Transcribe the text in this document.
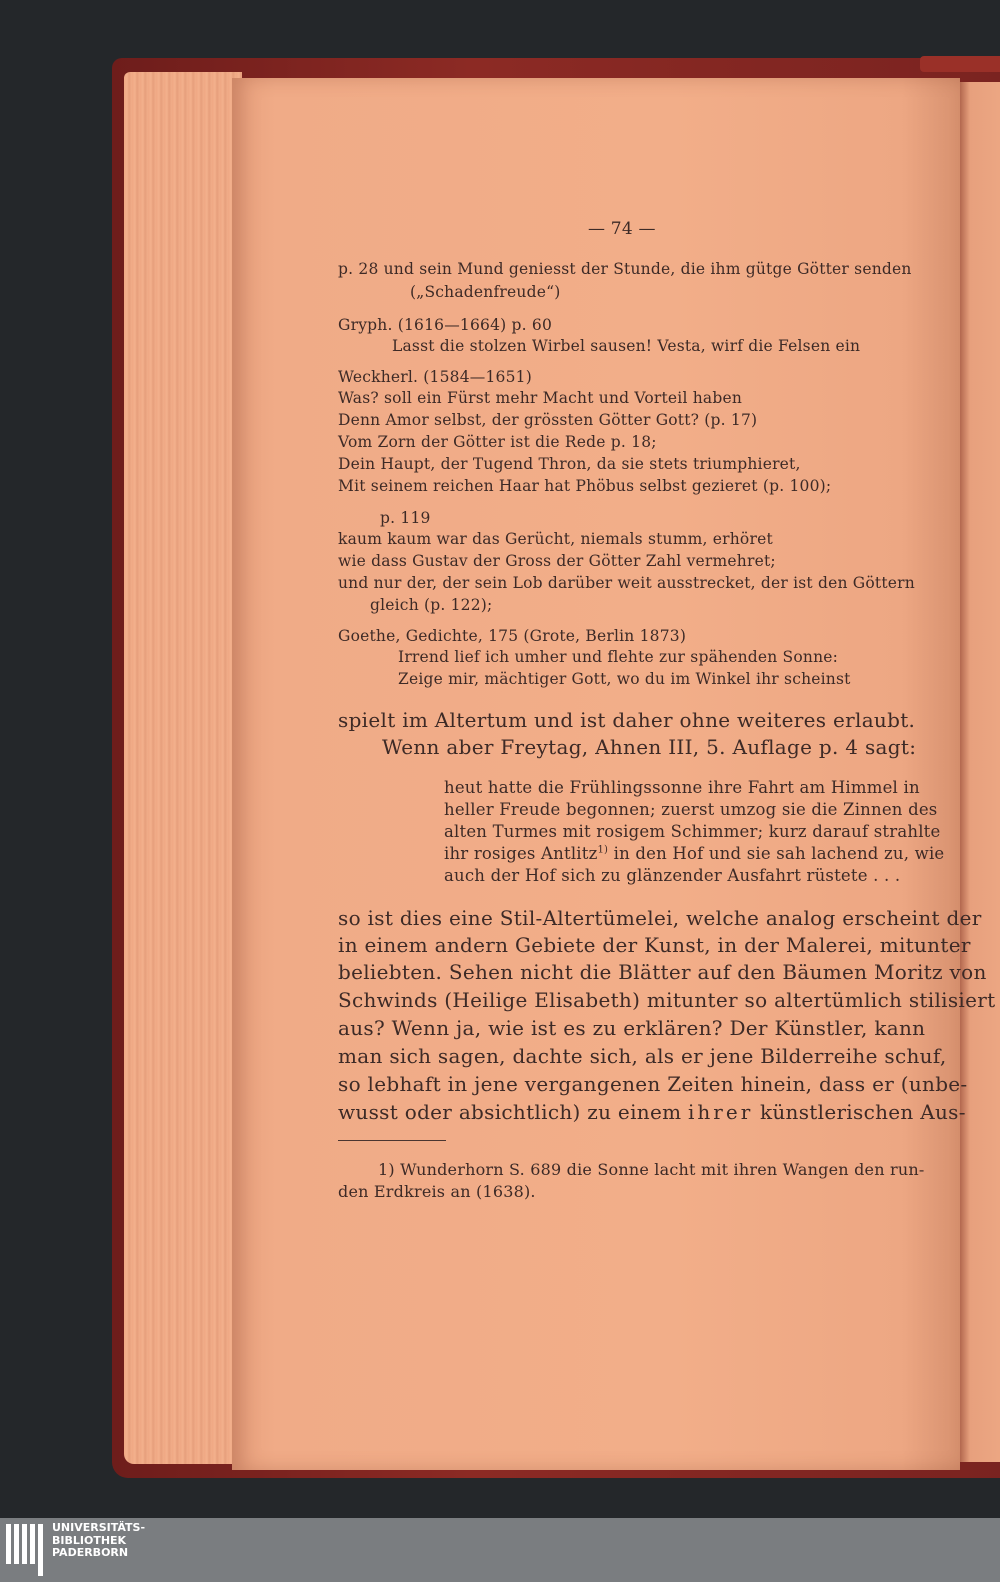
— 74 —
p. 28 und sein Mund geniesst der Stunde, die ihm gütge Götter senden
(„Schadenfreude“)
Gryph. (1616—1664) p. 60
Lasst die stolzen Wirbel sausen! Vesta, wirf die Felsen ein
Weckherl. (1584—1651)
Was? soll ein Fürst mehr Macht und Vorteil haben
Denn Amor selbst, der grössten Götter Gott? (p. 17)
Vom Zorn der Götter ist die Rede p. 18;
Dein Haupt, der Tugend Thron, da sie stets triumphieret,
Mit seinem reichen Haar hat Phöbus selbst gezieret (p. 100);
p. 119
kaum kaum war das Gerücht, niemals stumm, erhöret
wie dass Gustav der Gross der Götter Zahl vermehret;
und nur der, der sein Lob darüber weit ausstrecket, der ist den Göttern
gleich (p. 122);
Goethe, Gedichte, 175 (Grote, Berlin 1873)
Irrend lief ich umher und flehte zur spähenden Sonne:
Zeige mir, mächtiger Gott, wo du im Winkel ihr scheinst
spielt im Altertum und ist daher ohne weiteres erlaubt.
Wenn aber Freytag, Ahnen III, 5. Auflage p. 4 sagt:
heut hatte die Frühlingssonne ihre Fahrt am Himmel in
heller Freude begonnen; zuerst umzog sie die Zinnen des
alten Turmes mit rosigem Schimmer; kurz darauf strahlte
ihr rosiges Antlitz$^{1)}$ in den Hof und sie sah lachend zu, wie
auch der Hof sich zu glänzender Ausfahrt rüstete . . .
so ist dies eine Stil-Altertümelei, welche analog erscheint der
in einem andern Gebiete der Kunst, in der Malerei, mitunter
beliebten. Sehen nicht die Blätter auf den Bäumen Moritz von
Schwinds (Heilige Elisabeth) mitunter so altertümlich stilisiert
aus? Wenn ja, wie ist es zu erklären? Der Künstler, kann
man sich sagen, dachte sich, als er jene Bilderreihe schuf,
so lebhaft in jene vergangenen Zeiten hinein, dass er (unbe-
wusst oder absichtlich) zu einem ihrer künstlerischen Aus-
1) Wunderhorn S. 689 die Sonne lacht mit ihren Wangen den run-
den Erdkreis an (1638).
UNIVERSITÄTS-
BIBLIOTHEK
PADERBORN
